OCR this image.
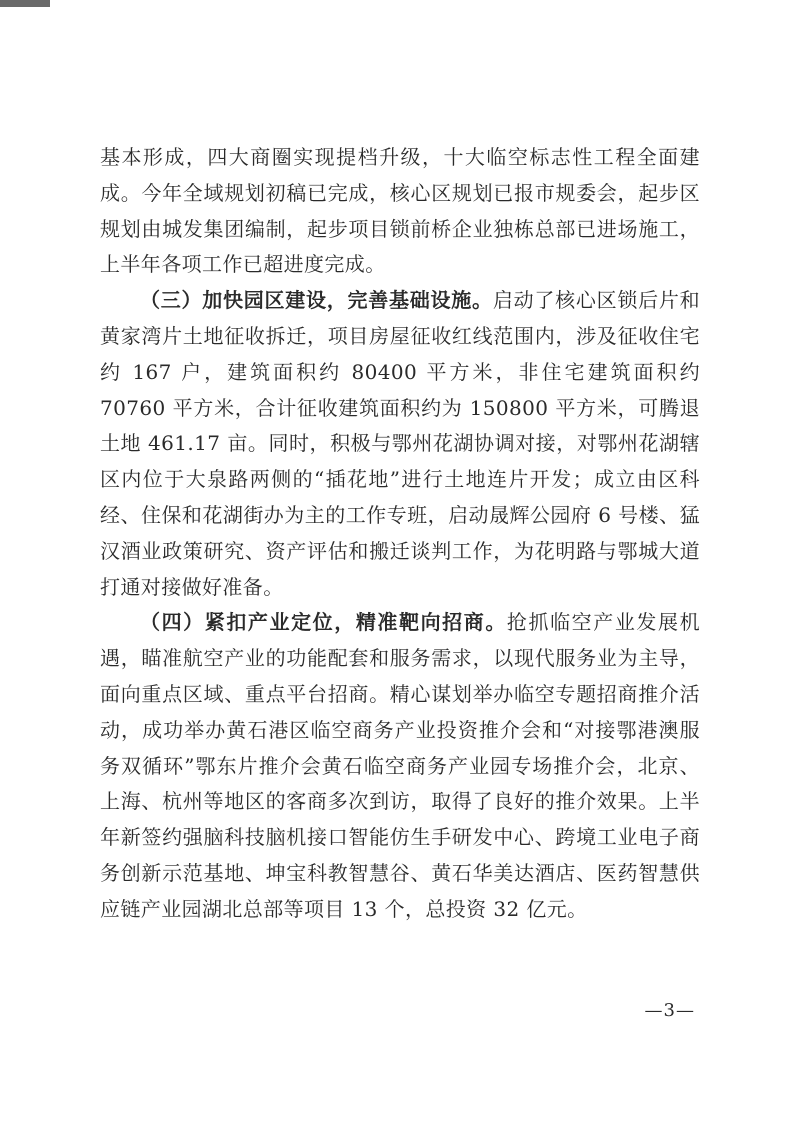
基本形成，四大商圈实现提档升级，十大临空标志性工程全面建成。今年全域规划初稿已完成，核心区规划已报市规委会，起步区规划由城发集团编制，起步项目锁前桥企业独栋总部已进场施工，上半年各项工作已超进度完成。

（三）加快园区建设，完善基础设施。启动了核心区锁后片和黄家湾片土地征收拆迁，项目房屋征收红线范围内，涉及征收住宅约 167 户，建筑面积约 80400 平方米，非住宅建筑面积约 70760 平方米，合计征收建筑面积约为 150800 平方米，可腾退土地 461.17 亩。同时，积极与鄂州花湖协调对接，对鄂州花湖辖区内位于大泉路两侧的“插花地”进行土地连片开发；成立由区科经、住保和花湖街办为主的工作专班，启动晟辉公园府 6 号楼、猛汉酒业政策研究、资产评估和搬迁谈判工作，为花明路与鄂城大道打通对接做好准备。

（四）紧扣产业定位，精准靶向招商。抢抓临空产业发展机遇，瞄准航空产业的功能配套和服务需求，以现代服务业为主导，面向重点区域、重点平台招商。精心谋划举办临空专题招商推介活动，成功举办黄石港区临空商务产业投资推介会和“对接鄂港澳服务双循环”鄂东片推介会黄石临空商务产业园专场推介会，北京、上海、杭州等地区的客商多次到访，取得了良好的推介效果。上半年新签约强脑科技脑机接口智能仿生手研发中心、跨境工业电子商务创新示范基地、坤宝科教智慧谷、黄石华美达酒店、医药智慧供应链产业园湖北总部等项目 13 个，总投资 32 亿元。

—3—
